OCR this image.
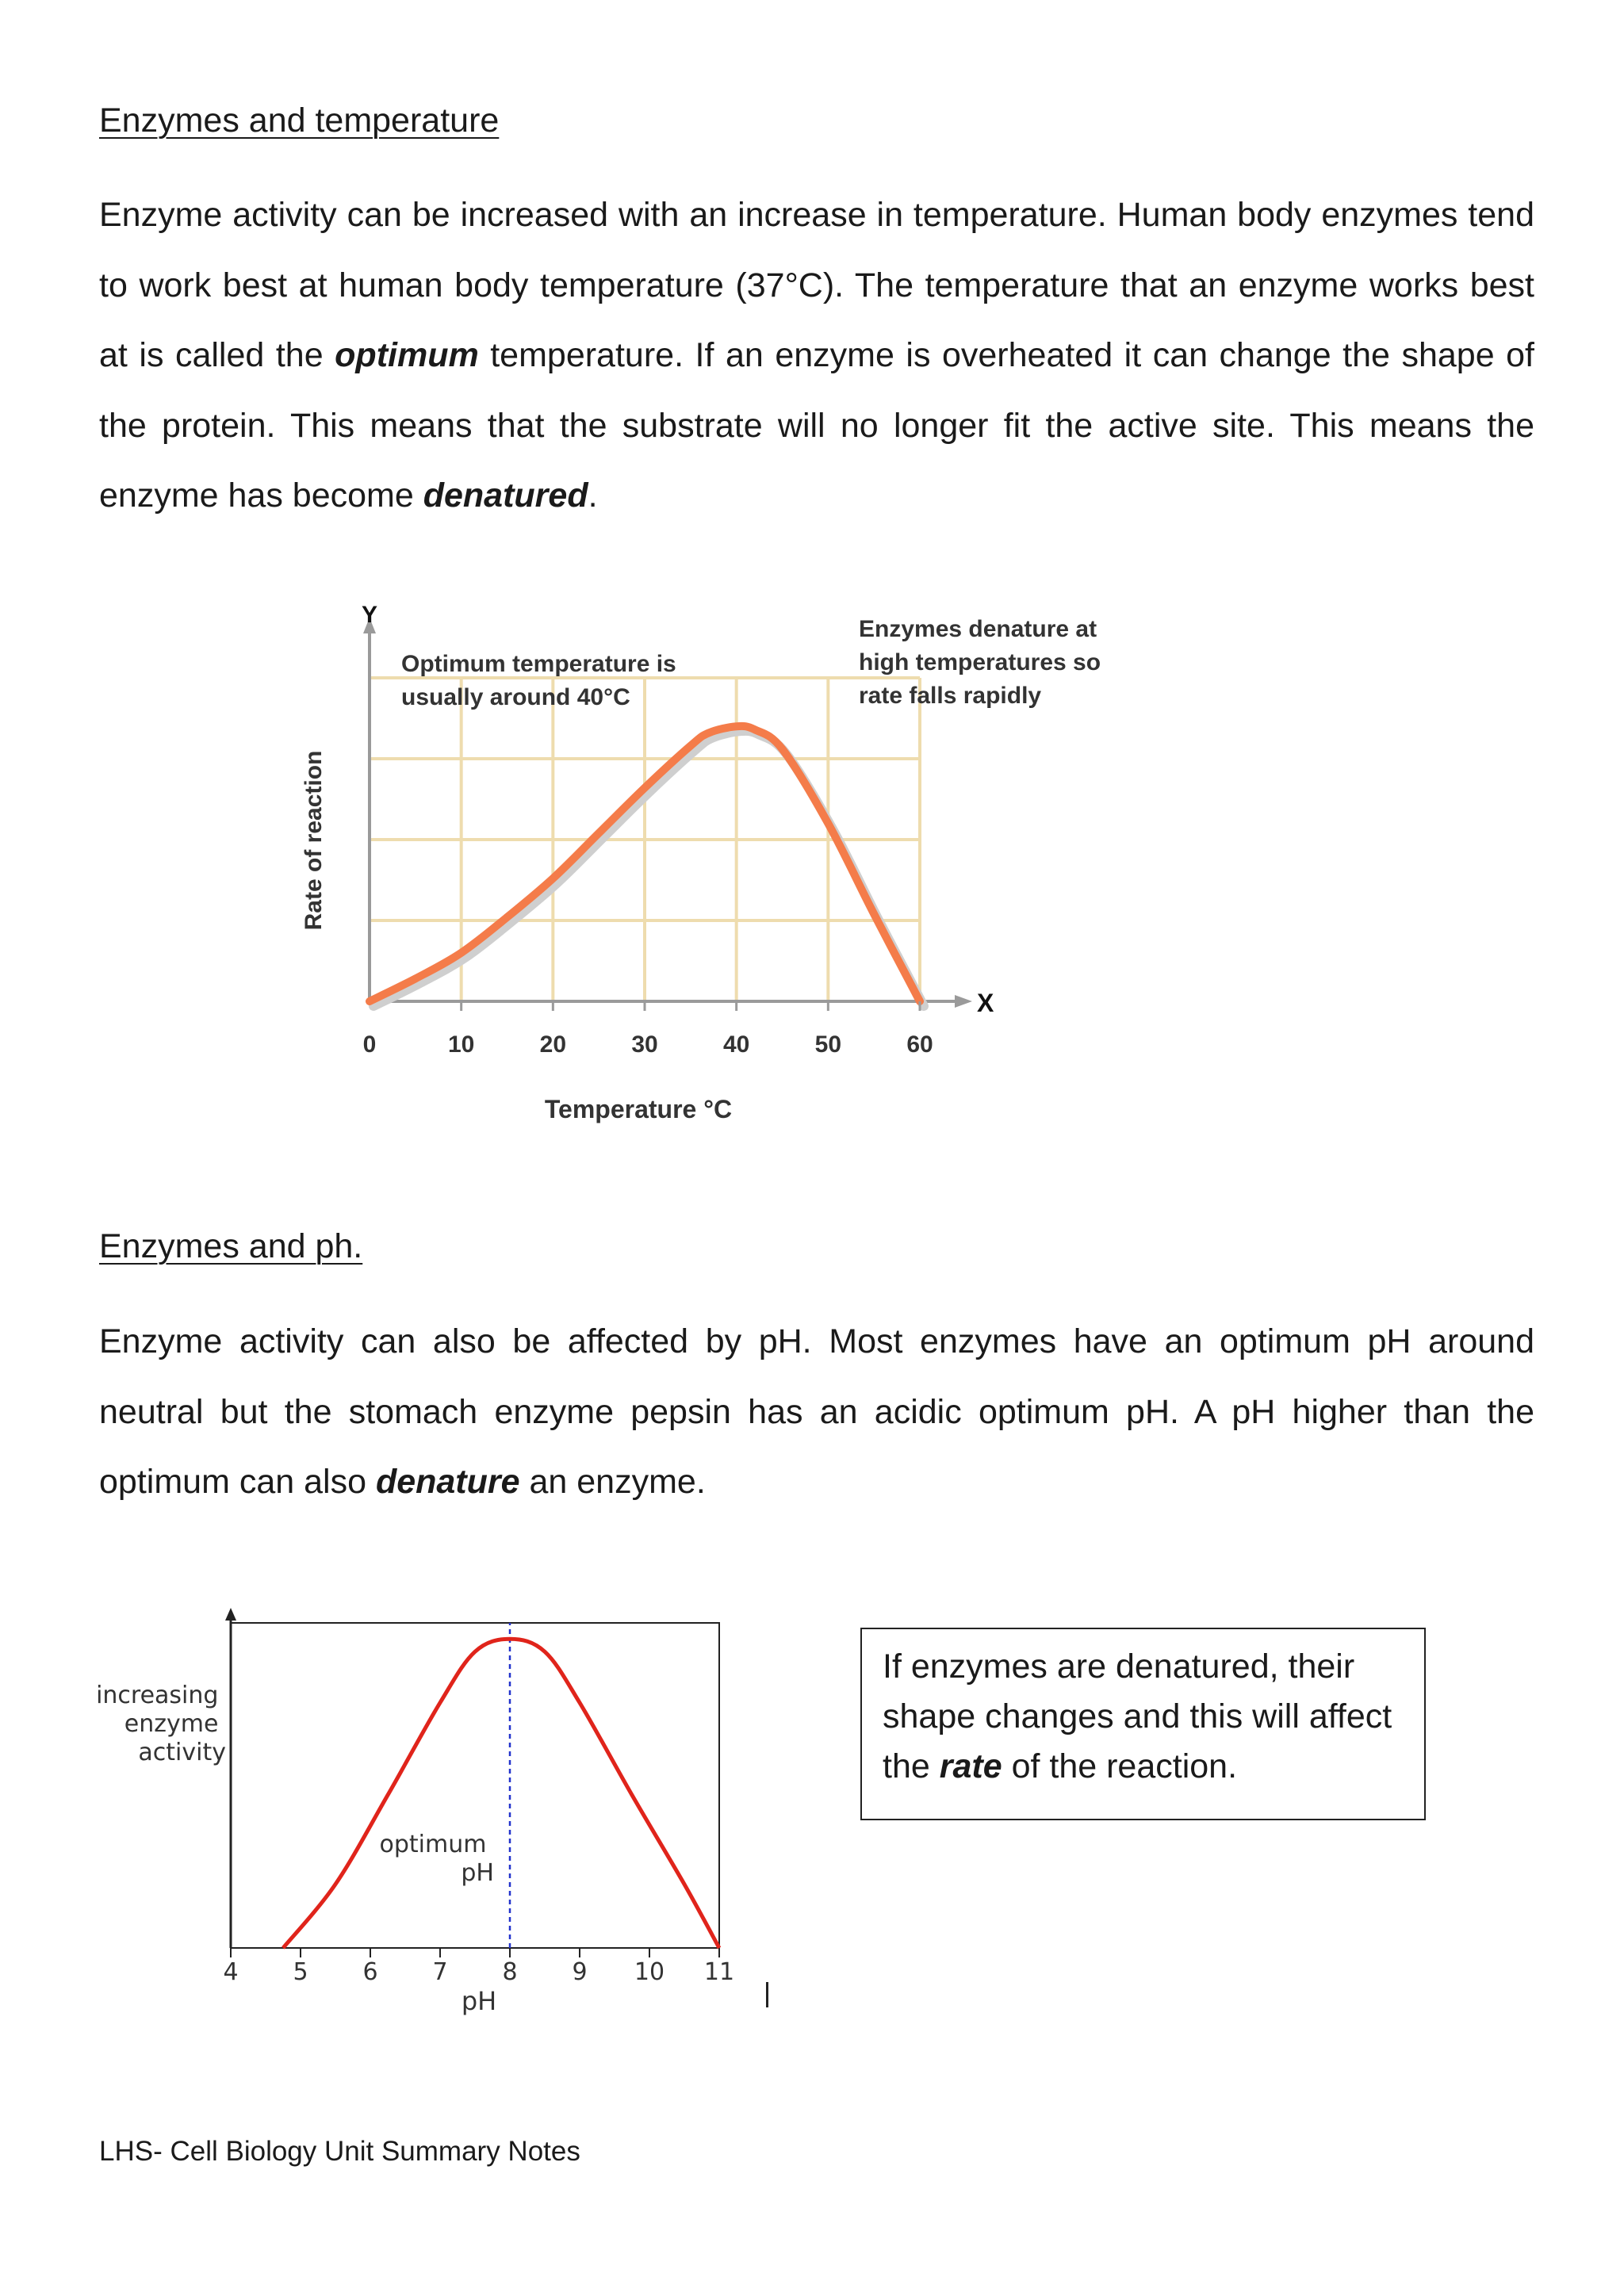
Enzymes and temperature

Enzyme activity can be increased with an increase in temperature. Human body enzymes tend to work best at human body temperature (37°C). The temperature that an enzyme works best at is called the optimum temperature. If an enzyme is overheated it can change the shape of the protein. This means that the substrate will no longer fit the active site. This means the enzyme has become denatured.

0	10	20	30	40	50	60
Temperature °C
Rate of reaction
X
Y
Optimum temperature is usually around 40°C
Enzymes denature at high temperatures so rate falls rapidly
Enzymes and ph.

Enzyme activity can also be affected by pH. Most enzymes have an optimum pH around neutral but the stomach enzyme pepsin has an acidic optimum pH. A pH higher than the optimum can also denature an enzyme.

4 5 6 7 8 9 10 11
increasing enzyme activity
optimum pH
pH
If enzymes are denatured, their shape changes and this will affect the rate of the reaction.

LHS- Cell Biology Unit Summary Notes
